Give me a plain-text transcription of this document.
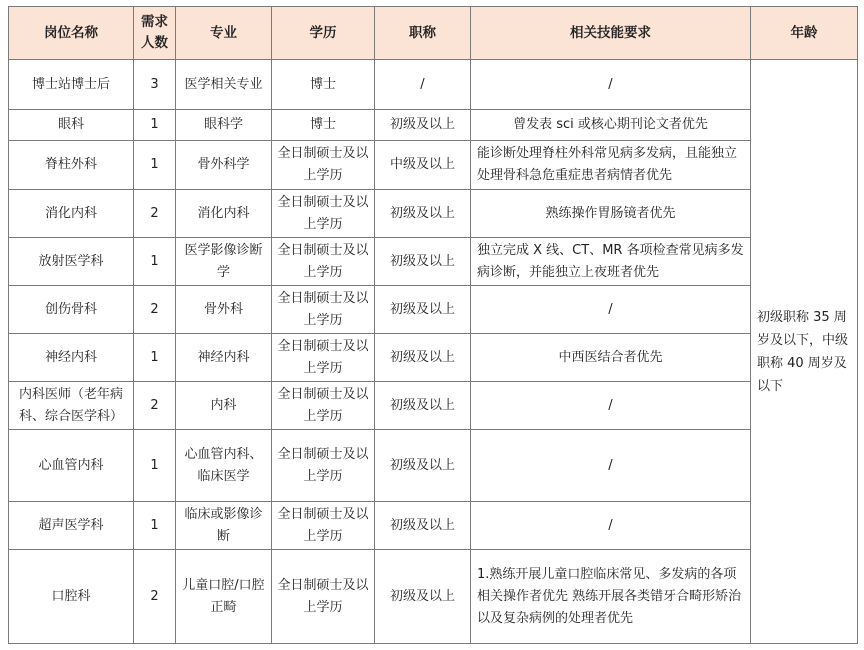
岗位名称	需求人数	专业	学历	职称	相关技能要求	年龄
博士站博士后	3	医学相关专业	博士	/	/	初级职称 35 周岁及以下，中级职称 40 周岁及以下
眼科	1	眼科学	博士	初级及以上	曾发表 sci 或核心期刊论文者优先	
脊柱外科	1	骨外科学	全日制硕士及以上学历	中级及以上	能诊断处理脊柱外科常见病多发病，且能独立处理骨科急危重症患者病情者优先	
消化内科	2	消化内科	全日制硕士及以上学历	初级及以上	熟练操作胃肠镜者优先	
放射医学科	1	医学影像诊断学	全日制硕士及以上学历	初级及以上	独立完成 X 线、CT、MR 各项检查常见病多发病诊断，并能独立上夜班者优先	
创伤骨科	2	骨外科	全日制硕士及以上学历	初级及以上	/	
神经内科	1	神经内科	全日制硕士及以上学历	初级及以上	中西医结合者优先	
内科医师（老年病科、综合医学科）	2	内科	全日制硕士及以上学历	初级及以上	/	
心血管内科	1	心血管内科、临床医学	全日制硕士及以上学历	初级及以上	/	
超声医学科	1	临床或影像诊断	全日制硕士及以上学历	初级及以上	/	
口腔科	2	儿童口腔/口腔正畸	全日制硕士及以上学历	初级及以上	1.熟练开展儿童口腔临床常见、多发病的各项相关操作者优先 熟练开展各类错牙合畸形矫治以及复杂病例的处理者优先	
